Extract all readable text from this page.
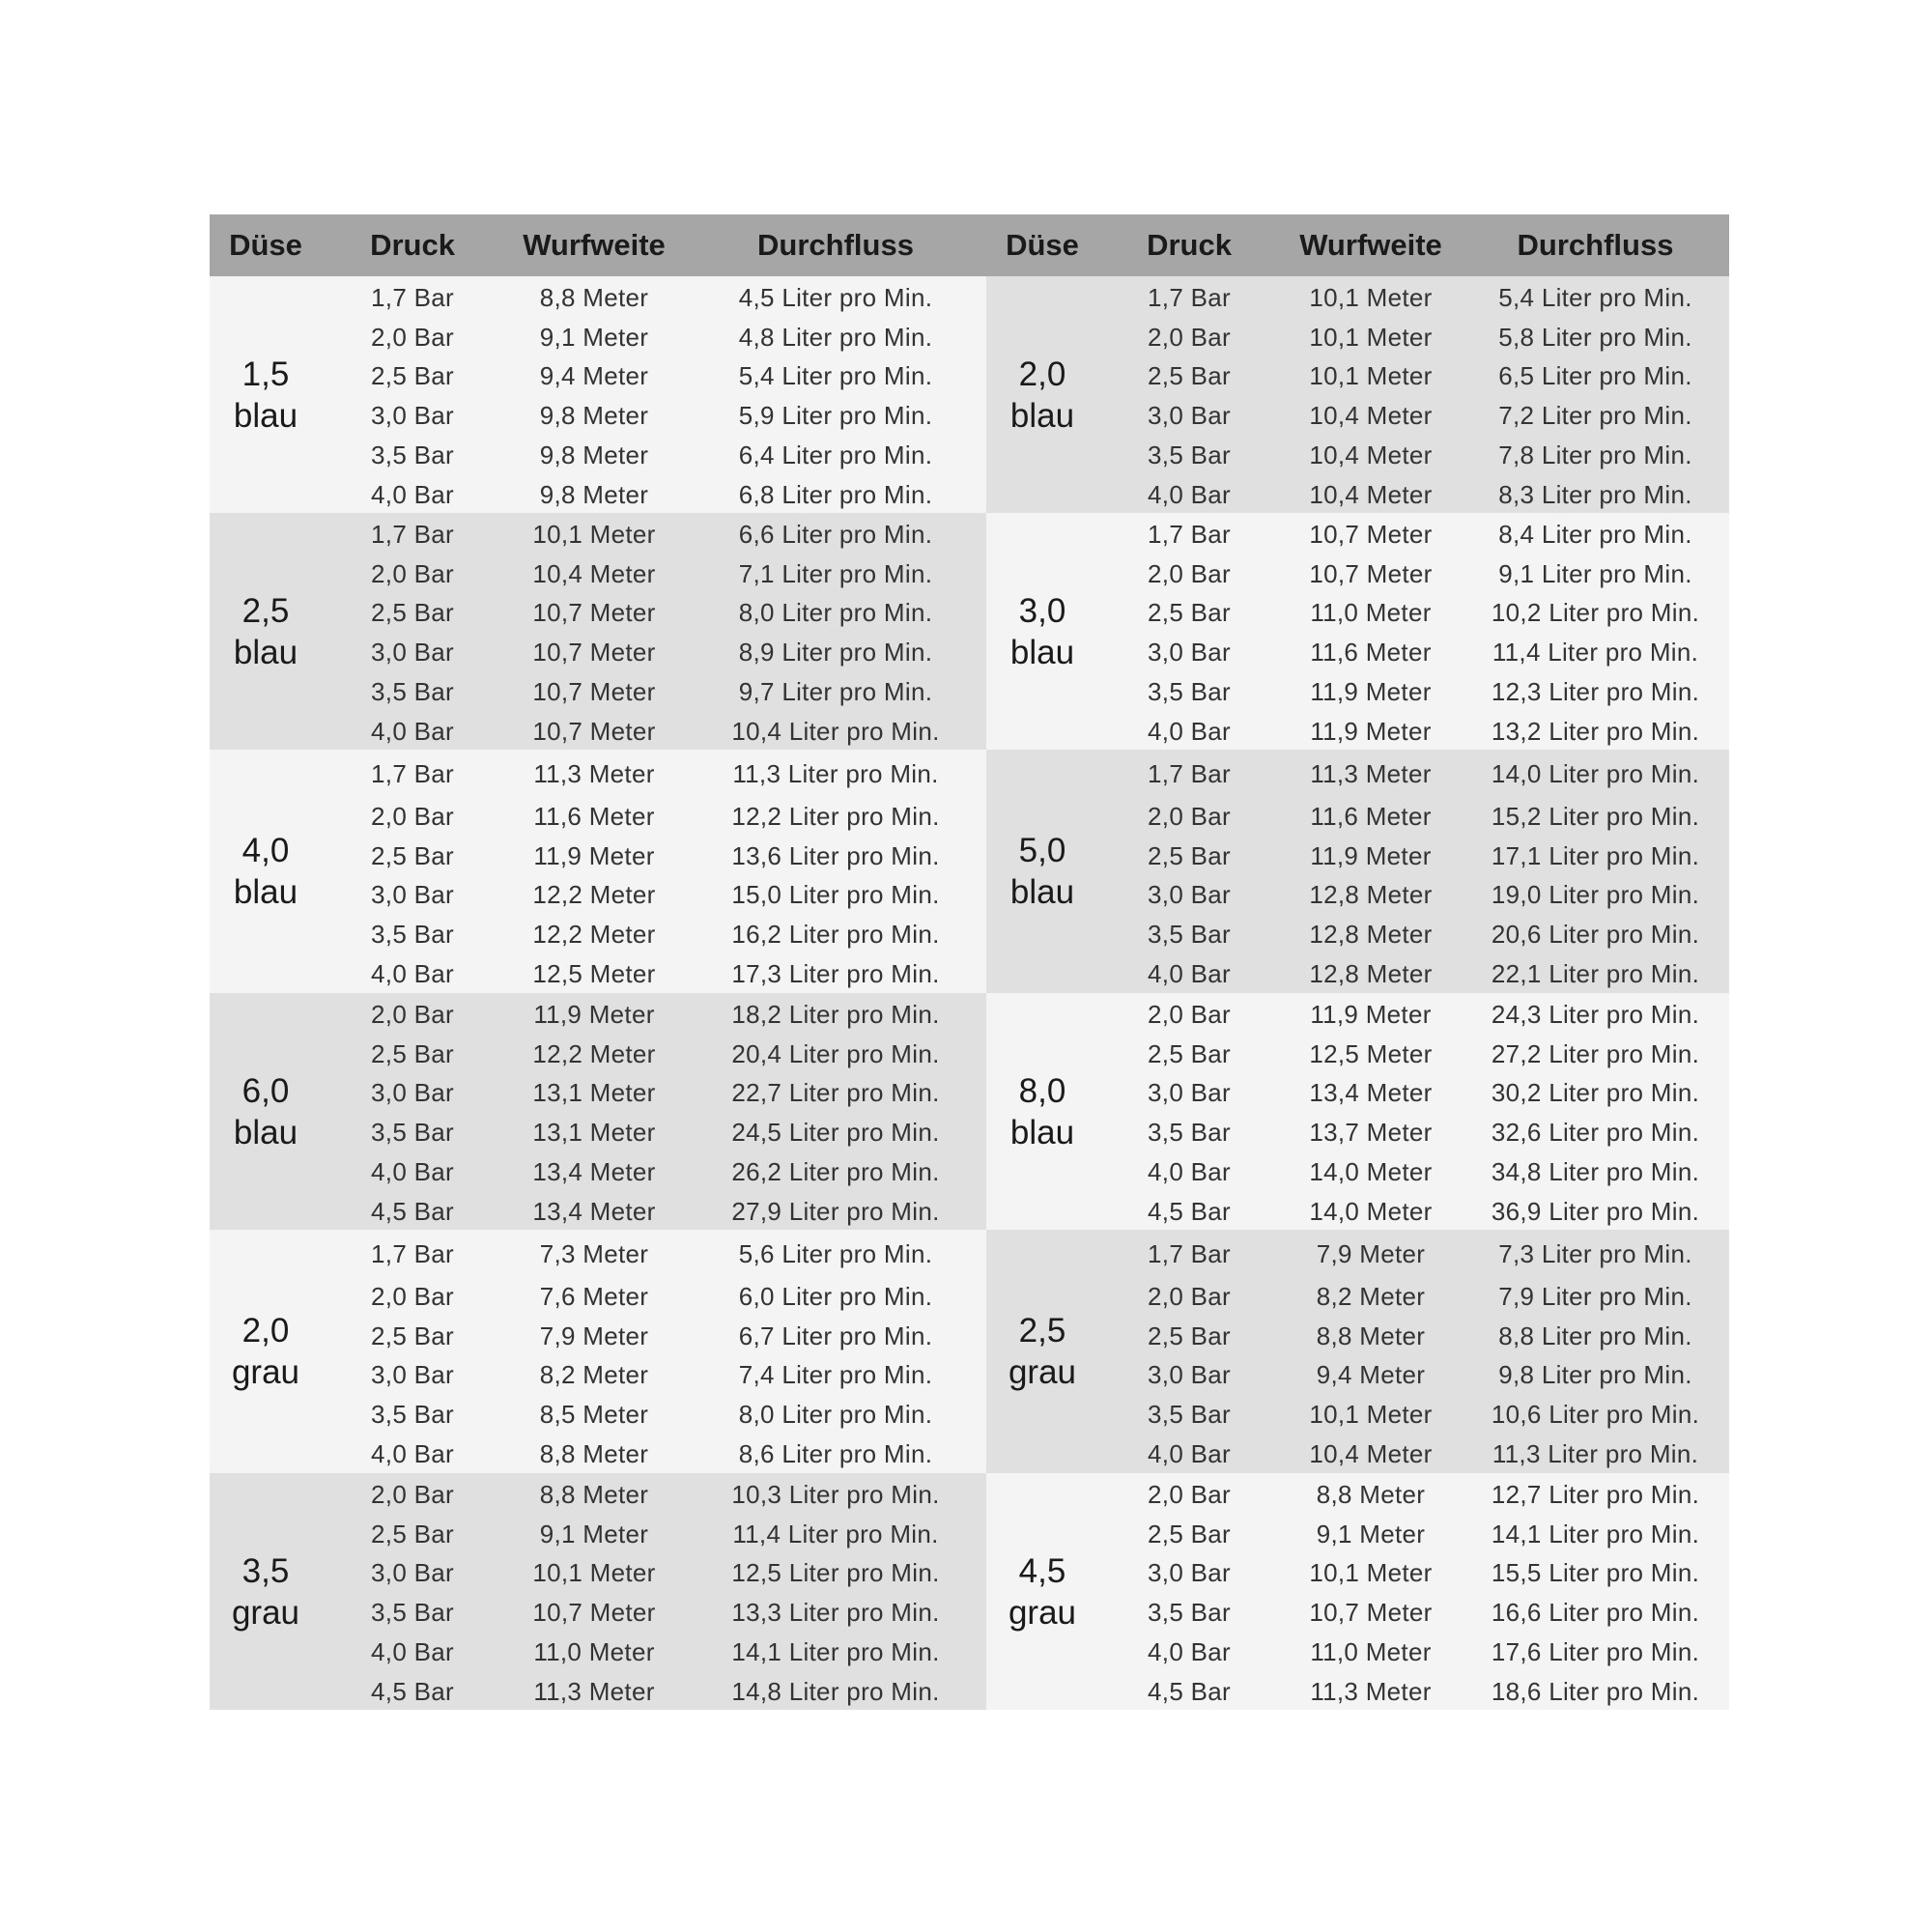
Düse	Druck	Wurfweite	Durchfluss	Düse	Druck	Wurfweite	Durchfluss
1,5
blau
1,7 Bar	8,8 Meter	4,5 Liter pro Min.
2,0 Bar	9,1 Meter	4,8 Liter pro Min.
2,5 Bar	9,4 Meter	5,4 Liter pro Min.
3,0 Bar	9,8 Meter	5,9 Liter pro Min.
3,5 Bar	9,8 Meter	6,4 Liter pro Min.
4,0 Bar	9,8 Meter	6,8 Liter pro Min.
2,0
blau
1,7 Bar	10,1 Meter	5,4 Liter pro Min.
2,0 Bar	10,1 Meter	5,8 Liter pro Min.
2,5 Bar	10,1 Meter	6,5 Liter pro Min.
3,0 Bar	10,4 Meter	7,2 Liter pro Min.
3,5 Bar	10,4 Meter	7,8 Liter pro Min.
4,0 Bar	10,4 Meter	8,3 Liter pro Min.
2,5
blau
1,7 Bar	10,1 Meter	6,6 Liter pro Min.
2,0 Bar	10,4 Meter	7,1 Liter pro Min.
2,5 Bar	10,7 Meter	8,0 Liter pro Min.
3,0 Bar	10,7 Meter	8,9 Liter pro Min.
3,5 Bar	10,7 Meter	9,7 Liter pro Min.
4,0 Bar	10,7 Meter	10,4 Liter pro Min.
3,0
blau
1,7 Bar	10,7 Meter	8,4 Liter pro Min.
2,0 Bar	10,7 Meter	9,1 Liter pro Min.
2,5 Bar	11,0 Meter	10,2 Liter pro Min.
3,0 Bar	11,6 Meter	11,4 Liter pro Min.
3,5 Bar	11,9 Meter	12,3 Liter pro Min.
4,0 Bar	11,9 Meter	13,2 Liter pro Min.
4,0
blau
1,7 Bar	11,3 Meter	11,3 Liter pro Min.
2,0 Bar	11,6 Meter	12,2 Liter pro Min.
2,5 Bar	11,9 Meter	13,6 Liter pro Min.
3,0 Bar	12,2 Meter	15,0 Liter pro Min.
3,5 Bar	12,2 Meter	16,2 Liter pro Min.
4,0 Bar	12,5 Meter	17,3 Liter pro Min.
5,0
blau
1,7 Bar	11,3 Meter	14,0 Liter pro Min.
2,0 Bar	11,6 Meter	15,2 Liter pro Min.
2,5 Bar	11,9 Meter	17,1 Liter pro Min.
3,0 Bar	12,8 Meter	19,0 Liter pro Min.
3,5 Bar	12,8 Meter	20,6 Liter pro Min.
4,0 Bar	12,8 Meter	22,1 Liter pro Min.
6,0
blau
2,0 Bar	11,9 Meter	18,2 Liter pro Min.
2,5 Bar	12,2 Meter	20,4 Liter pro Min.
3,0 Bar	13,1 Meter	22,7 Liter pro Min.
3,5 Bar	13,1 Meter	24,5 Liter pro Min.
4,0 Bar	13,4 Meter	26,2 Liter pro Min.
4,5 Bar	13,4 Meter	27,9 Liter pro Min.
8,0
blau
2,0 Bar	11,9 Meter	24,3 Liter pro Min.
2,5 Bar	12,5 Meter	27,2 Liter pro Min.
3,0 Bar	13,4 Meter	30,2 Liter pro Min.
3,5 Bar	13,7 Meter	32,6 Liter pro Min.
4,0 Bar	14,0 Meter	34,8 Liter pro Min.
4,5 Bar	14,0 Meter	36,9 Liter pro Min.
2,0
grau
1,7 Bar	7,3 Meter	5,6 Liter pro Min.
2,0 Bar	7,6 Meter	6,0 Liter pro Min.
2,5 Bar	7,9 Meter	6,7 Liter pro Min.
3,0 Bar	8,2 Meter	7,4 Liter pro Min.
3,5 Bar	8,5 Meter	8,0 Liter pro Min.
4,0 Bar	8,8 Meter	8,6 Liter pro Min.
2,5
grau
1,7 Bar	7,9 Meter	7,3 Liter pro Min.
2,0 Bar	8,2 Meter	7,9 Liter pro Min.
2,5 Bar	8,8 Meter	8,8 Liter pro Min.
3,0 Bar	9,4 Meter	9,8 Liter pro Min.
3,5 Bar	10,1 Meter	10,6 Liter pro Min.
4,0 Bar	10,4 Meter	11,3 Liter pro Min.
3,5
grau
2,0 Bar	8,8 Meter	10,3 Liter pro Min.
2,5 Bar	9,1 Meter	11,4 Liter pro Min.
3,0 Bar	10,1 Meter	12,5 Liter pro Min.
3,5 Bar	10,7 Meter	13,3 Liter pro Min.
4,0 Bar	11,0 Meter	14,1 Liter pro Min.
4,5 Bar	11,3 Meter	14,8 Liter pro Min.
4,5
grau
2,0 Bar	8,8 Meter	12,7 Liter pro Min.
2,5 Bar	9,1 Meter	14,1 Liter pro Min.
3,0 Bar	10,1 Meter	15,5 Liter pro Min.
3,5 Bar	10,7 Meter	16,6 Liter pro Min.
4,0 Bar	11,0 Meter	17,6 Liter pro Min.
4,5 Bar	11,3 Meter	18,6 Liter pro Min.
